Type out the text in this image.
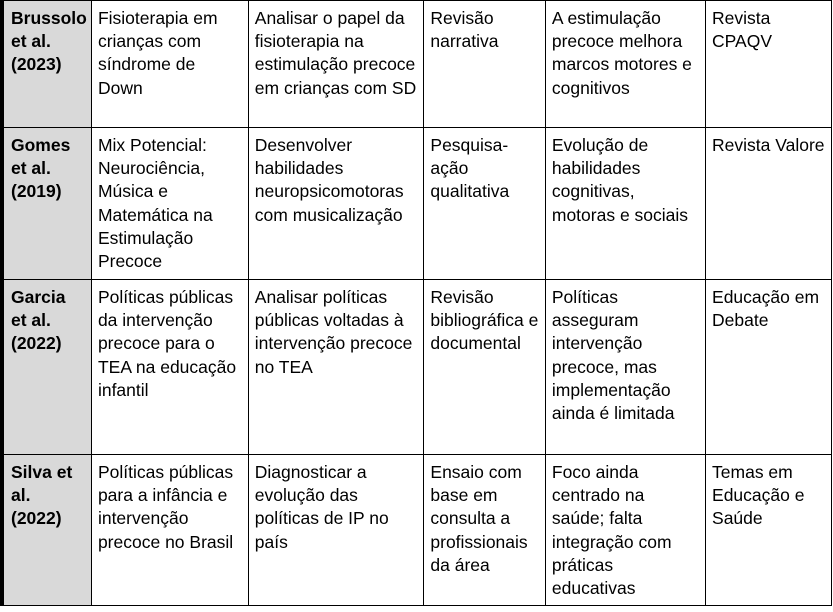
Brussolo et al. (2023)	Fisioterapia em crianças com síndrome de Down	Analisar o papel da fisioterapia na estimulação precoce em crianças com SD	Revisão narrativa	A estimulação precoce melhora marcos motores e cognitivos	Revista CPAQV
Gomes et al. (2019)	Mix Potencial: Neurociência, Música e Matemática na Estimulação Precoce	Desenvolver habilidades neuropsicomotoras com musicalização	Pesquisa-ação qualitativa	Evolução de habilidades cognitivas, motoras e sociais	Revista Valore
Garcia et al. (2022)	Políticas públicas da intervenção precoce para o TEA na educação infantil	Analisar políticas públicas voltadas à intervenção precoce no TEA	Revisão bibliográfica e documental	Políticas asseguram intervenção precoce, mas implementação ainda é limitada	Educação em Debate
Silva et al. (2022)	Políticas públicas para a infância e intervenção precoce no Brasil	Diagnosticar a evolução das políticas de IP no país	Ensaio com base em consulta a profissionais da área	Foco ainda centrado na saúde; falta integração com práticas educativas	Temas em Educação e Saúde
